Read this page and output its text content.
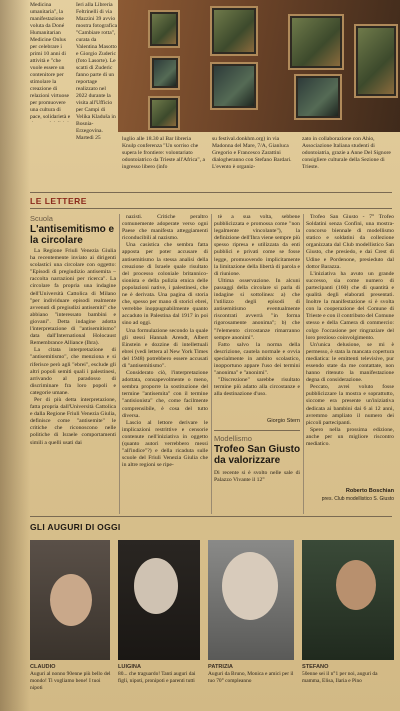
Medicina umanitaria", la manifestazione voluta da Doné Humanitarian Medicine Onlus per celebrare i primi 10 anni di attività e "che vuole essere un contenitore per stimolare la creazione di relazioni virtuose per promuovere una cultura di pace, solidarietà e
Ieri alla Libreria Feltrinelli di via Mazzini 39 avvio mostra fotografica "Cambiare rotta", curata da Valentina Masotto e Giorgio Zuderic (foto Lasorte). Le scatti di Zuderic fanno parte di un reportage realizzato nel 2022 durante la visita all'Ufficio per Campi di Velika Kladuša in Bosnia-Erzegovina. Martedì 25	luglio alle 18.30 al Bar libreria Knulp conferenza "Un sorriso che supera le frontiere: volontariato odontoiatrico da Trieste all'Africa", a ingresso libero (info
su festival.donkhm.org) in via Madonna del Mare, 7/A, Gianluca Gregorio e Francesco Zarattini dialogheranno con Stefano Bardari. L'evento è organiz-
zato in collaborazione con Ahio, Associazione Italiana studenti di odontoiatria, grazie a Anne Del Signore consigliere culturale della Sezione di Trieste.
LE LETTERE
Scuola
L'antisemitismo e la circolare

La Regione Friuli Venezia Giulia ha recentemente inviato ai dirigenti scolastici una circolare con oggetto: "Episodi di pregiudizio antisemita – raccolta narrazioni per ricerca". La circolare fa propria una indagine dell'Università Cattolica di Milano "per individuare episodi realmente avvenuti di pregiudizi antisemiti" che abbiano "interessato bambini e giovani". Detta indagine adotta l'interpretazione di "antisemitismo" data dall'International Holocaust Remembrance Alliance (Ihra).

La citata interpretazione di "antisemitismo", che menziona e si riferisce però agli "ebrei", esclude gli altri popoli semiti quali i palestinesi, arrivando al paradosso di discriminare fra loro popoli e categorie umane.

Per di più detta interpretazione, fatta propria dall'Università Cattolica e dalla Regione Friuli Venezia Giulia, definisce come "antisemite" le critiche che riconoscono nelle politiche di Israele comportamenti simili a quelli usati dai

nazisti. Critiche peraltro comunemente adoperate verso ogni Paese che manifesta atteggiamenti riconducibili al nazismo.

Una casistica che sembra fatta apposta per poter accusare di antisemitismo la stessa analisi della creazione di Israele quale risultato del processo coloniale britannico-sionista e della pulizia etnica delle popolazioni native, i palestinesi, che ne è derivata. Una pagina di storia che, spesso per mano di storici ebrei, verrebbe inoppugnabilmente quanto accaduto in Palestina dal 1917 in poi sino ad oggi.

Una formulazione secondo la quale gli stessi Hannah Arendt, Albert Einstein e dozzine di intellettuali ebrei (vedi lettera al New York Times del 1948) potrebbero essere accusati di "antisemitismo".

Considerato ciò, l'interpretazione adottata, consapevolmente o meno, sembra proporre la sostituzione del termine "antisemita" con il termine "antisionista" che, come facilmente comprensibile, è cosa del tutto diversa.

Lascio al lettore derivare le implicazioni restrittive e censorie contenute nell'iniziativa in oggetto (quanto autori verrebbero messi "all'indice"?) e della ricaduta sulle scuole del Friuli Venezia Giulia che in altre regioni se ripe-

tè a sua volta, sebbene pubblicizzata e promossa come "non legalmente vincolante"), la definizione dell'Ihra viene sempre più spesso ripresa e utilizzata da enti pubblici e privati come se fosse legge, promuovendo implicitamente la limitazione della libertà di parola e di riunione.

Ultima osservazione. In alcuni passaggi della circolare si parla di indagine si sottolinea: a) che l'utilizzo degli episodi di antisemitismo eventualmente riscontrati avverrà "in forma rigorosamente anonima"; b) che "l'elemento circostanze rimarranno sempre anonimi".

Fatto salvo la norma della descrizione, cautela normale e ovvia specialmente in ambito scolastico, inopportuno appare l'uso dei termini "anonima" e "anonimi".

"Discrezione" sarebbe risultato termine più adatto alla circostanze e alla destinazione d'uso.

Giorgio Stern
Modellismo
Trofeo San Giusto da valorizzare
Di recente si è svolto nelle sale di Palazzo Vivante il 12°

Trofeo San Giusto - 7° Trofeo Soldatini senza Confini, una mostra-concorso biennale di modellismo statico e soldatini da collezione organizzata dal Club modellistico San Giusto, che presiedo, e dai Crest di Udine e Pordenone, presieduto dal dottor Barazza.

L'iniziativa ha avuto un grande successo, sia come numero di partecipanti (160) che di quantità e qualità degli elaborati presentati. Inoltre la manifestazione si è svolta con la cooperazione del Comune di Trieste e con il contributo del Comune stesso e della Camera di commercio: colgo l'occasione per ringraziare del loro prezioso coinvolgimento.

Un'unica delusione, se mi è permesso, è stata la mancata copertura mediatica: le emittenti televisive, pur essendo state da me contattate, non hanno ritenuto la manifestazione degna di considerazione.

Peccato, avrei voluto fosse pubblicizzare la mostra e soprattutto, siccome era presente un'iniziativa dedicata ai bambini dai 6 ai 12 anni, avremmo ampliato il numero dei piccoli partecipanti.

Spero nella prossima edizione, anche per un migliore riscontro mediatico.

Roberto Boschian
pres. Club modellistico S. Giusto
GLI AUGURI DI OGGI
CLAUDIO
Auguri al nonno 90enne più bello del mondo! Ti vogliamo bene! I tuoi nipoti
LUIGINA
80... che traguardo! Tanti auguri dai figli, nipoti, pronipoti e parenti tutti
PATRIZIA
Auguri da Bruno, Monica e amici per il tuo 70° compleanno
STEFANO
50enne sei il n°1 per noi, auguri da mamma, Elisa, Ilaria e Pino
